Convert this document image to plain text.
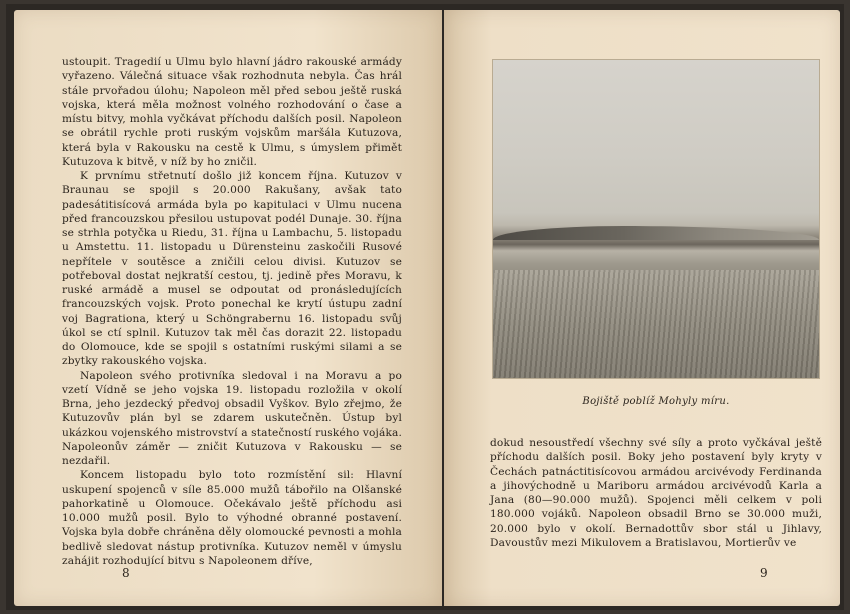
ustoupit. Tragedií u Ulmu bylo hlavní jádro rakouské armády vyřazeno. Válečná situace však rozhodnuta nebyla. Čas hrál stále prvořadou úlohu; Napoleon měl před sebou ještě ruská vojska, která měla možnost volného rozhodování o čase a místu bitvy, mohla vyčkávat příchodu dalších posil. Napoleon se obrátil rychle proti ruským vojskům maršála Kutuzova, která byla v Rakousku na cestě k Ulmu, s úmyslem přimět Kutuzova k bitvě, v níž by ho zničil.

K prvnímu střetnutí došlo již koncem října. Kutuzov v Braunau se spojil s 20.000 Rakušany, avšak tato padesátitisícová armáda byla po kapitulaci v Ulmu nucena před francouzskou přesilou ustupovat podél Dunaje. 30. října se strhla potyčka u Riedu, 31. října u Lambachu, 5. listopadu u Amstettu. 11. listopadu u Dürensteinu zaskočili Rusové nepřítele v soutěsce a zničili celou divisi. Kutuzov se potřeboval dostat nejkratší cestou, tj. jedině přes Moravu, k ruské armádě a musel se odpoutat od pronásledujících francouzských vojsk. Proto ponechal ke krytí ústupu zadní voj Bagrationa, který u Schöngrabernu 16. listopadu svůj úkol se ctí splnil. Kutuzov tak měl čas dorazit 22. listopadu do Olomouce, kde se spojil s ostatními ruskými silami a se zbytky rakouského vojska.

Napoleon svého protivníka sledoval i na Moravu a po vzetí Vídně se jeho vojska 19. listopadu rozložila v okolí Brna, jeho jezdecký předvoj obsadil Vyškov. Bylo zřejmo, že Kutuzovův plán byl se zdarem uskutečněn. Ústup byl ukázkou vojenského mistrovství a statečností ruského vojáka. Napoleonův záměr — zničit Kutuzova v Rakousku — se nezdařil.

Koncem listopadu bylo toto rozmístění sil: Hlavní uskupení spojenců v síle 85.000 mužů tábořilo na Olšanské pahorkatině u Olomouce. Očekávalo ještě příchodu asi 10.000 mužů posil. Bylo to výhodné obranné postavení. Vojska byla dobře chráněna děly olomoucké pevnosti a mohla bedlivě sledovat nástup protivníka. Kutuzov neměl v úmyslu zahájit rozhodující bitvu s Napoleonem dříve,

8
Bojiště poblíž Mohyly míru.

dokud nesoustředí všechny své síly a proto vyčkával ještě příchodu dalších posil. Boky jeho postavení byly kryty v Čechách patnáctitisícovou armádou arcivévody Ferdinanda a jihovýchodně u Mariboru armádou arcivévodů Karla a Jana (80—90.000 mužů). Spojenci měli celkem v poli 180.000 vojáků. Napoleon obsadil Brno se 30.000 muži, 20.000 bylo v okolí. Bernadottův sbor stál u Jihlavy, Davoustův mezi Mikulovem a Bratislavou, Mortierův ve

9
